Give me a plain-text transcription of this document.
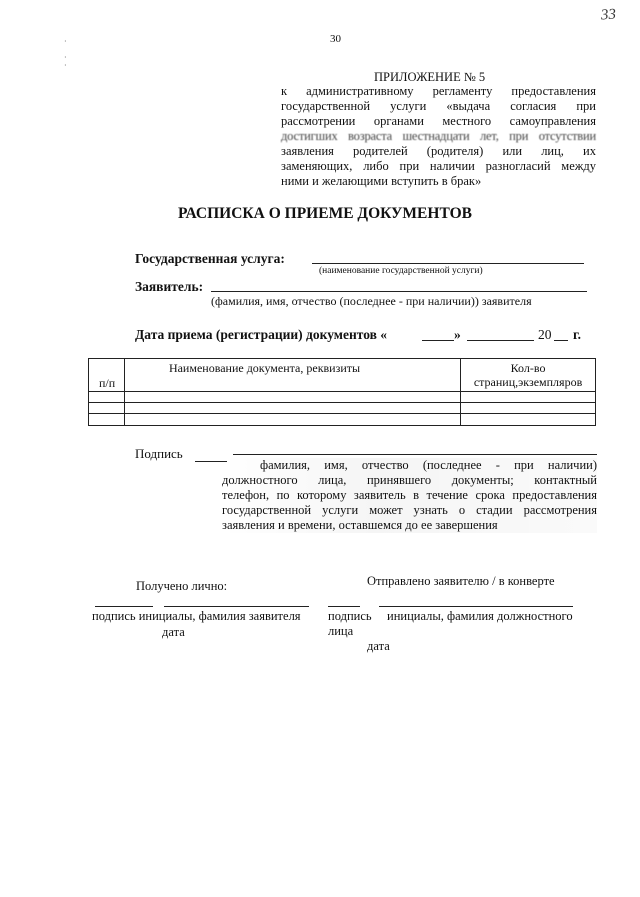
30
33
·

·
·
ПРИЛОЖЕНИЕ № 5
к административному регламенту предоставления
государственной услуги «выдача согласия при
рассмотрении органами местного самоуправления
достигших возраста шестнадцати лет, при отсутствии
заявления родителей (родителя) или лиц, их
заменяющих, либо при наличии разногласий между
ними и желающими вступить в брак»
РАСПИСКА О ПРИЕМЕ ДОКУМЕНТОВ
Государственная услуга:
(наименование государственной услуги)
Заявитель:
(фамилия, имя, отчество (последнее - при наличии)) заявителя
Дата приема (регистрации) документов «	»	20 г.
п/п	Наименование документа, реквизиты	Кол-во
страниц,экземпляров

Подпись
фамилия, имя, отчество (последнее - при наличии)
должностного лица, принявшего документы; контактный
телефон, по которому заявитель в течение срока предоставления
государственной услуги может узнать о стадии рассмотрения
заявления и времени, оставшемся до ее завершения
Получено лично:	Отправлено заявителю / в конверте
подпись инициалы, фамилия заявителя
дата
подпись инициалы, фамилия должностного
лица
дата
